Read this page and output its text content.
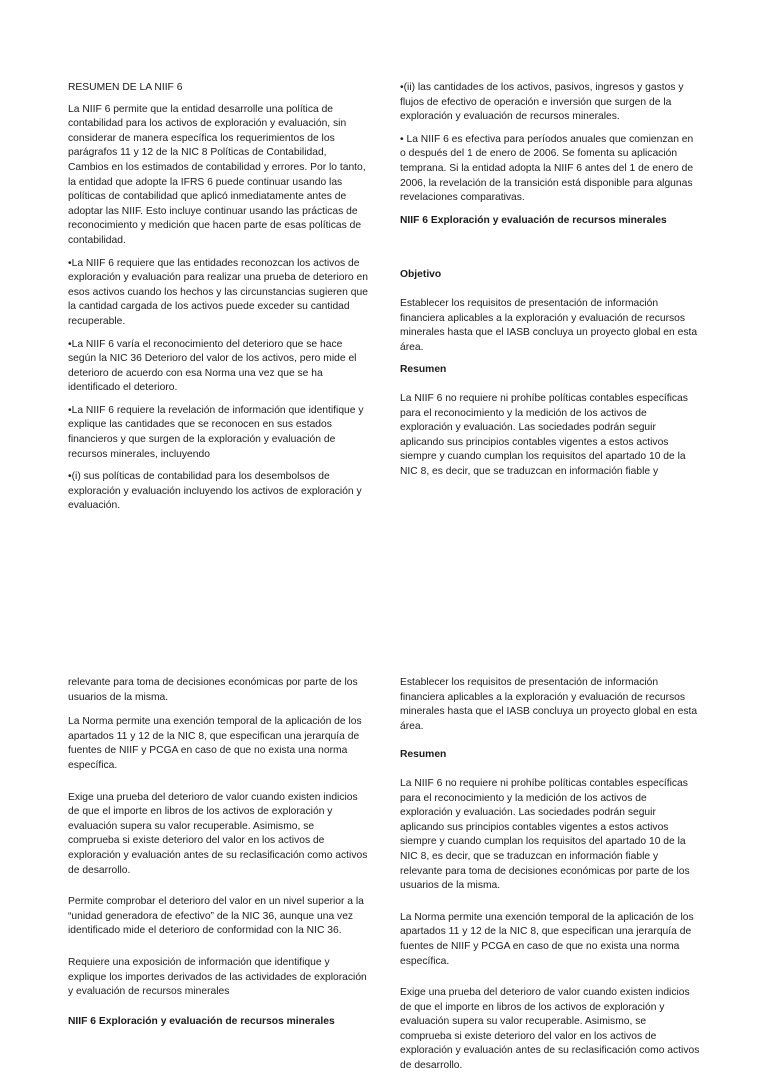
RESUMEN DE LA NIIF 6

La NIIF 6 permite que la entidad desarrolle una política de contabilidad para los activos de exploración y evaluación, sin considerar de manera específica los requerimientos de los parágrafos 11 y 12 de la NIC 8 Políticas de Contabilidad, Cambios en los estimados de contabilidad y errores. Por lo tanto, la entidad que adopte la IFRS 6 puede continuar usando las políticas de contabilidad que aplicó inmediatamente antes de adoptar las NIIF. Esto incluye continuar usando las prácticas de reconocimiento y medición que hacen parte de esas políticas de contabilidad.

•La NIIF 6 requiere que las entidades reconozcan los activos de exploración y evaluación para realizar una prueba de deterioro en esos activos cuando los hechos y las circunstancias sugieren que la cantidad cargada de los activos puede exceder su cantidad recuperable.

•La NIIF 6 varía el reconocimiento del deterioro que se hace según la NIC 36 Deterioro del valor de los activos, pero mide el deterioro de acuerdo con esa Norma una vez que se ha identificado el deterioro.

•La NIIF 6 requiere la revelación de información que identifique y explique las cantidades que se reconocen en sus estados financieros y que surgen de la exploración y evaluación de recursos minerales, incluyendo

•(i) sus políticas de contabilidad para los desembolsos de exploración y evaluación incluyendo los activos de exploración y evaluación.

•(ii) las cantidades de los activos, pasivos, ingresos y gastos y flujos de efectivo de operación e inversión que surgen de la exploración y evaluación de recursos minerales.

• La NIIF 6 es efectiva para períodos anuales que comienzan en o después del 1 de enero de 2006. Se fomenta su aplicación temprana. Si la entidad adopta la NIIF 6 antes del 1 de enero de 2006, la revelación de la transición está disponible para algunas revelaciones comparativas.

NIIF 6 Exploración y evaluación de recursos minerales

Objetivo

Establecer los requisitos de presentación de información financiera aplicables a la exploración y evaluación de recursos minerales hasta que el IASB concluya un proyecto global en esta área.

Resumen

La NIIF 6 no requiere ni prohíbe políticas contables específicas para el reconocimiento y la medición de los activos de exploración y evaluación. Las sociedades podrán seguir aplicando sus principios contables vigentes a estos activos siempre y cuando cumplan los requisitos del apartado 10 de la NIC 8, es decir, que se traduzcan en información fiable y

relevante para toma de decisiones económicas por parte de los usuarios de la misma.

La Norma permite una exención temporal de la aplicación de los apartados 11 y 12 de la NIC 8, que especifican una jerarquía de fuentes de NIIF y PCGA en caso de que no exista una norma específica.

Exige una prueba del deterioro de valor cuando existen indicios de que el importe en libros de los activos de exploración y evaluación supera su valor recuperable. Asimismo, se comprueba si existe deterioro del valor en los activos de exploración y evaluación antes de su reclasificación como activos de desarrollo.

Permite comprobar el deterioro del valor en un nivel superior a la “unidad generadora de efectivo” de la NIC 36, aunque una vez identificado mide el deterioro de conformidad con la NIC 36.

Requiere una exposición de información que identifique y explique los importes derivados de las actividades de exploración y evaluación de recursos minerales

NIIF 6 Exploración y evaluación de recursos minerales

Establecer los requisitos de presentación de información financiera aplicables a la exploración y evaluación de recursos minerales hasta que el IASB concluya un proyecto global en esta área.

Resumen

La NIIF 6 no requiere ni prohíbe políticas contables específicas para el reconocimiento y la medición de los activos de exploración y evaluación. Las sociedades podrán seguir aplicando sus principios contables vigentes a estos activos siempre y cuando cumplan los requisitos del apartado 10 de la NIC 8, es decir, que se traduzcan en información fiable y relevante para toma de decisiones económicas por parte de los usuarios de la misma.

La Norma permite una exención temporal de la aplicación de los apartados 11 y 12 de la NIC 8, que especifican una jerarquía de fuentes de NIIF y PCGA en caso de que no exista una norma específica.

Exige una prueba del deterioro de valor cuando existen indicios de que el importe en libros de los activos de exploración y evaluación supera su valor recuperable. Asimismo, se comprueba si existe deterioro del valor en los activos de exploración y evaluación antes de su reclasificación como activos de desarrollo.
